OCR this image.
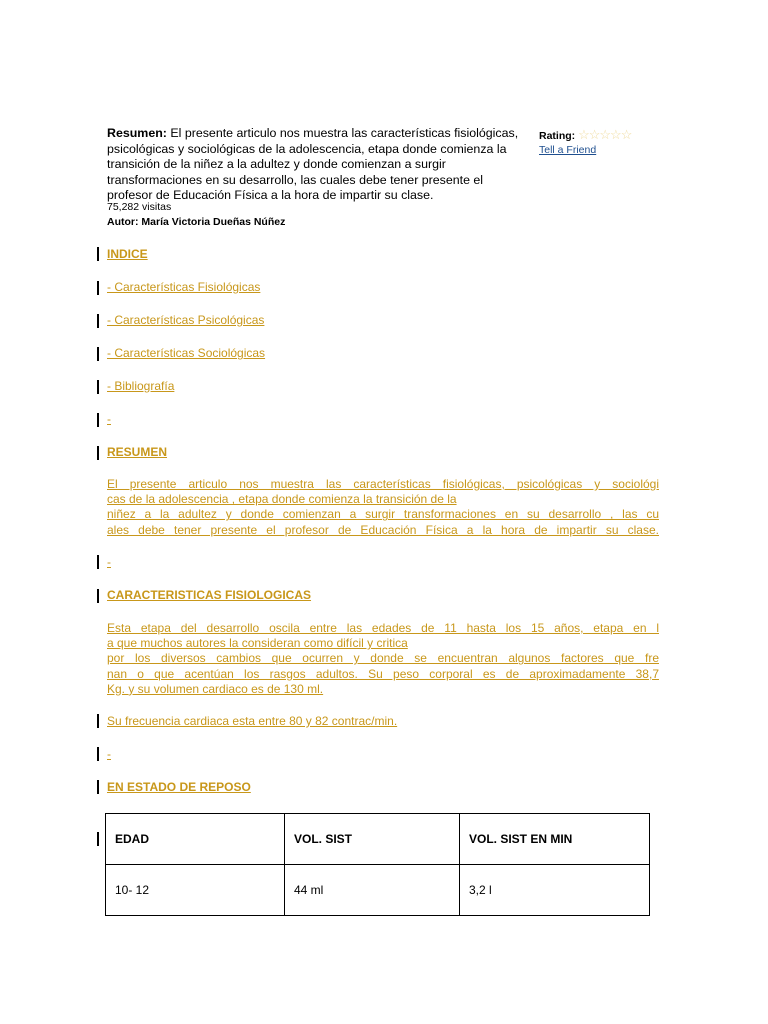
Resumen: El presente articulo nos muestra las características fisiológicas, psicológicas y sociológicas de la adolescencia, etapa donde comienza la transición de la niñez a la adultez y donde comienzan a surgir transformaciones en su desarrollo, las cuales debe tener presente el profesor de Educación Física a la hora de impartir su clase.
75,282 visitas
Autor: María Victoria Dueñas Núñez
Rating: ☆☆☆☆☆
Tell a Friend
INDICE
- Características Fisiológicas
- Características Psicológicas
- Características Sociológicas
- Bibliografía
-
RESUMEN
El presente articulo nos muestra las características fisiológicas, psicológicas y sociológi
cas de la adolescencia , etapa donde comienza la transición de la
niñez a la adultez y donde comienzan a surgir transformaciones en su desarrollo , las cu
ales debe tener presente el profesor de Educación Física a la hora de impartir su clase.
-
CARACTERISTICAS FISIOLOGICAS
Esta etapa del desarrollo oscila entre las edades de 11 hasta los 15 años, etapa en l
a que muchos autores la consideran como difícil y critica
por los diversos cambios que ocurren y donde se encuentran algunos factores que fre
nan o que acentúan los rasgos adultos. Su peso corporal es de aproximadamente 38,7
Kg. y su volumen cardiaco es de 130 ml.
Su frecuencia cardiaca esta entre 80 y 82 contrac/min.
-
EN ESTADO DE REPOSO
EDAD	VOL. SIST	VOL. SIST EN MIN
10- 12	44 ml	3,2 l
